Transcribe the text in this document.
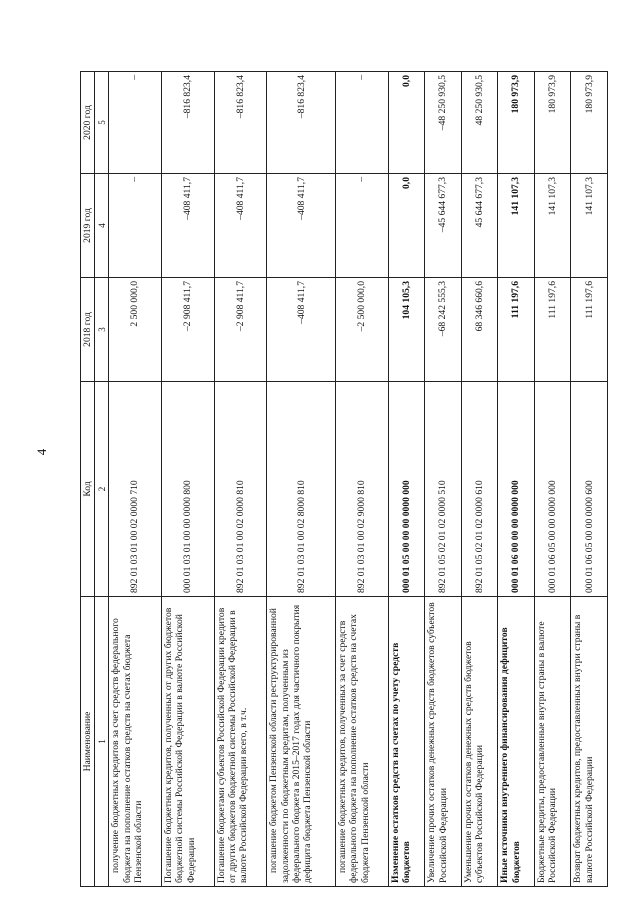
4
Наименование	Код	2018 год	2019 год	2020 год
1	2	3	4	5
получение бюджетных кредитов за счет средств федерального бюджета на пополнение остатков средств на счетах бюджета Пензенской области	892 01 03 01 00 02 0000 710	2 500 000,0	–	–
Погашение бюджетных кредитов, полученных от других бюджетов бюджетной системы Российской Федерации в валюте Российской Федерации	000 01 03 01 00 00 0000 800	–2 908 411,7	–408 411,7	–816 823,4
Погашение бюджетами субъектов Российской Федерации кредитов от других бюджетов бюджетной системы Российской Федерации в валюте Российской Федерации всего, в т.ч.	892 01 03 01 00 02 0000 810	–2 908 411,7	–408 411,7	–816 823,4
погашение бюджетом Пензенской области реструктурированной задолженности по бюджетным кредитам, полученным из федерального бюджета в 2015–2017 годах для частичного покрытия дефицита бюджета Пензенской области	892 01 03 01 00 02 8000 810	–408 411,7	–408 411,7	–816 823,4
погашение бюджетных кредитов, полученных за счет средств федерального бюджета на пополнение остатков средств на счетах бюджета Пензенской области	892 01 03 01 00 02 9000 810	–2 500 000,0	–	–
Изменение остатков средств на счетах по учету средств бюджетов	000 01 05 00 00 00 0000 000	104 105,3	0,0	0,0
Увеличение прочих остатков денежных средств бюджетов субъектов Российской Федерации	892 01 05 02 01 02 0000 510	–68 242 555,3	–45 644 677,3	–48 250 930,5
Уменьшение прочих остатков денежных средств бюджетов субъектов Российской Федерации	892 01 05 02 01 02 0000 610	68 346 660,6	45 644 677,3	48 250 930,5
Иные источники внутреннего финансирования дефицитов бюджетов	000 01 06 00 00 00 0000 000	111 197,6	141 107,3	180 973,9
Бюджетные кредиты, предоставленные внутри страны в валюте Российской Федерации	000 01 06 05 00 00 0000 000	111 197,6	141 107,3	180 973,9
Возврат бюджетных кредитов, предоставленных внутри страны в валюте Российской Федерации	000 01 06 05 00 00 0000 600	111 197,6	141 107,3	180 973,9
